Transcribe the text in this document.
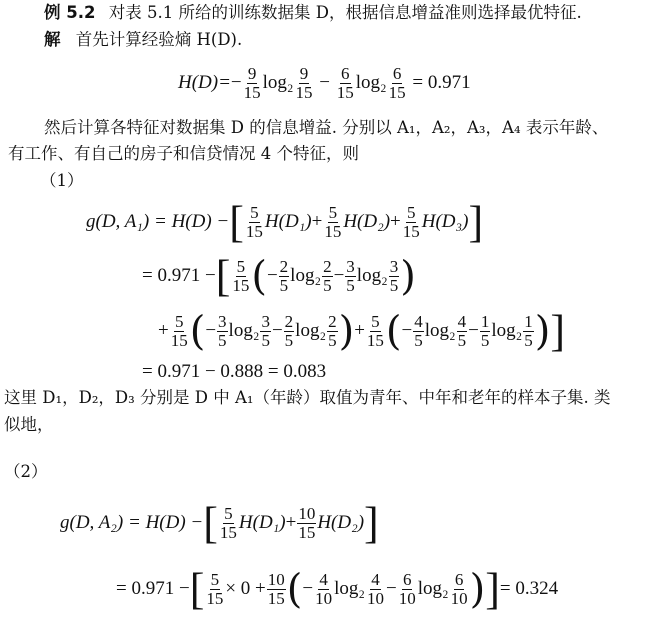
例 5.2 对表 5.1 所给的训练数据集 D，根据信息增益准则选择最优特征.
解 首先计算经验熵 H(D).
$H(D)=- \frac{9}{15} \log_2 \frac{9}{15} - \frac{6}{15} \log_2 \frac{6}{15} = 0.971$
然后计算各特征对数据集 D 的信息增益. 分别以 A₁，A₂，A₃，A₄ 表示年龄、
有工作、有自己的房子和信贷情况 4 个特征，则
（1）
g(D, A₁) = H(D) −[ $\frac{5}{15} H(D_1)+ \frac{5}{15} H(D_2)+ \frac{5}{15} H(D_3)$]
= 0.971 −[ $\frac{5}{15}$ (− $\frac{2}{5} \log_2 \frac{2}{5} - \frac{3}{5} \log_2 \frac{3}{5}$ )
+ $\frac{5}{15}$ (− $\frac{3}{5} \log_2 \frac{3}{5} - \frac{2}{5} \log_2 \frac{2}{5}$ )+ $\frac{5}{15}$ (− $\frac{4}{5} \log_2 \frac{4}{5} - \frac{1}{5} \log_2 \frac{1}{5}$ )]
= 0.971 − 0.888 = 0.083
这里 D₁，D₂，D₃ 分别是 D 中 A₁（年龄）取值为青年、中年和老年的样本子集. 类
似地，
（2）
g(D, A₂) = H(D) −[ $\frac{5}{15} H(D_1)+ \frac{10}{15} H(D_2)$]
= 0.971 −[ $\frac{5}{15} \times 0 + \frac{10}{15}$ (− $\frac{4}{10} \log_2 \frac{4}{10} - \frac{6}{10} \log_2 \frac{6}{10}$ )]= 0.324
